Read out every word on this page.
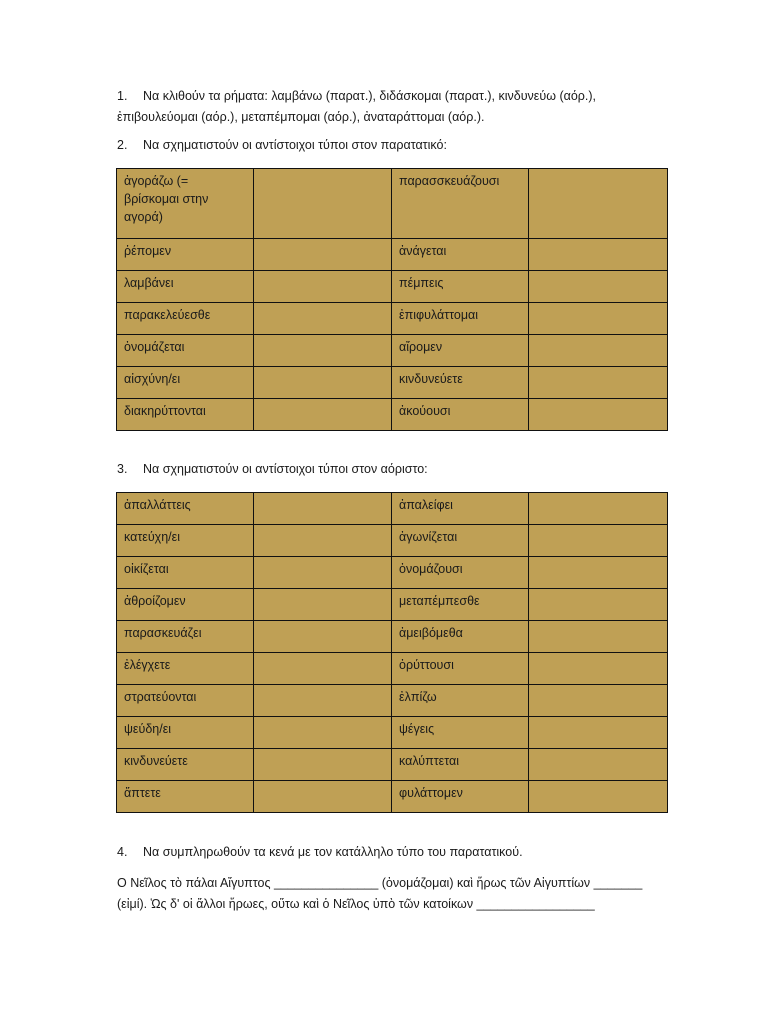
1. Να κλιθούν τα ρήματα: λαμβάνω (παρατ.), διδάσκομαι (παρατ.), κινδυνεύω (αόρ.),
ἐπιβουλεύομαι (αόρ.), μεταπέμπομαι (αόρ.), ἀναταράττομαι (αόρ.).
2. Να σχηματιστούν οι αντίστοιχοι τύποι στον παρατατικό:
ἀγοράζω (= βρίσκομαι στην αγορά)		παρασσκευάζουσι	
ῥέπομεν		ἀνάγεται	
λαμβάνει		πέμπεις	
παρακελεύεσθε		ἐπιφυλάττομαι	
ὀνομάζεται		αἴρομεν	
αἰσχύνη/ει		κινδυνεύετε	
διακηρύττονται		ἀκούουσι	
3. Να σχηματιστούν οι αντίστοιχοι τύποι στον αόριστο:
ἀπαλλάττεις		ἀπαλείφει	
κατεύχη/ει		ἀγωνίζεται	
οἰκίζεται		ὀνομάζουσι	
ἀθροίζομεν		μεταπέμπεσθε	
παρασκευάζει		ἀμειβόμεθα	
ἐλέγχετε		ὀρύττουσι	
στρατεύονται		ἐλπίζω	
ψεύδη/ει		ψέγεις	
κινδυνεύετε		καλύπτεται	
ἅπτετε		φυλάττομεν	
4. Να συμπληρωθούν τα κενά με τον κατάλληλο τύπο του παρατατικού.
Ο Νεῖλος τὸ πάλαι Αἴγυπτος _______________ (ὀνομάζομαι) καὶ ἥρως τῶν Αἰγυπτίων _______
(εἰμί). Ὡς δ' οἱ ἄλλοι ἥρωες, οὕτω καὶ ὁ Νεῖλος ὑπὸ τῶν κατοίκων _________________
